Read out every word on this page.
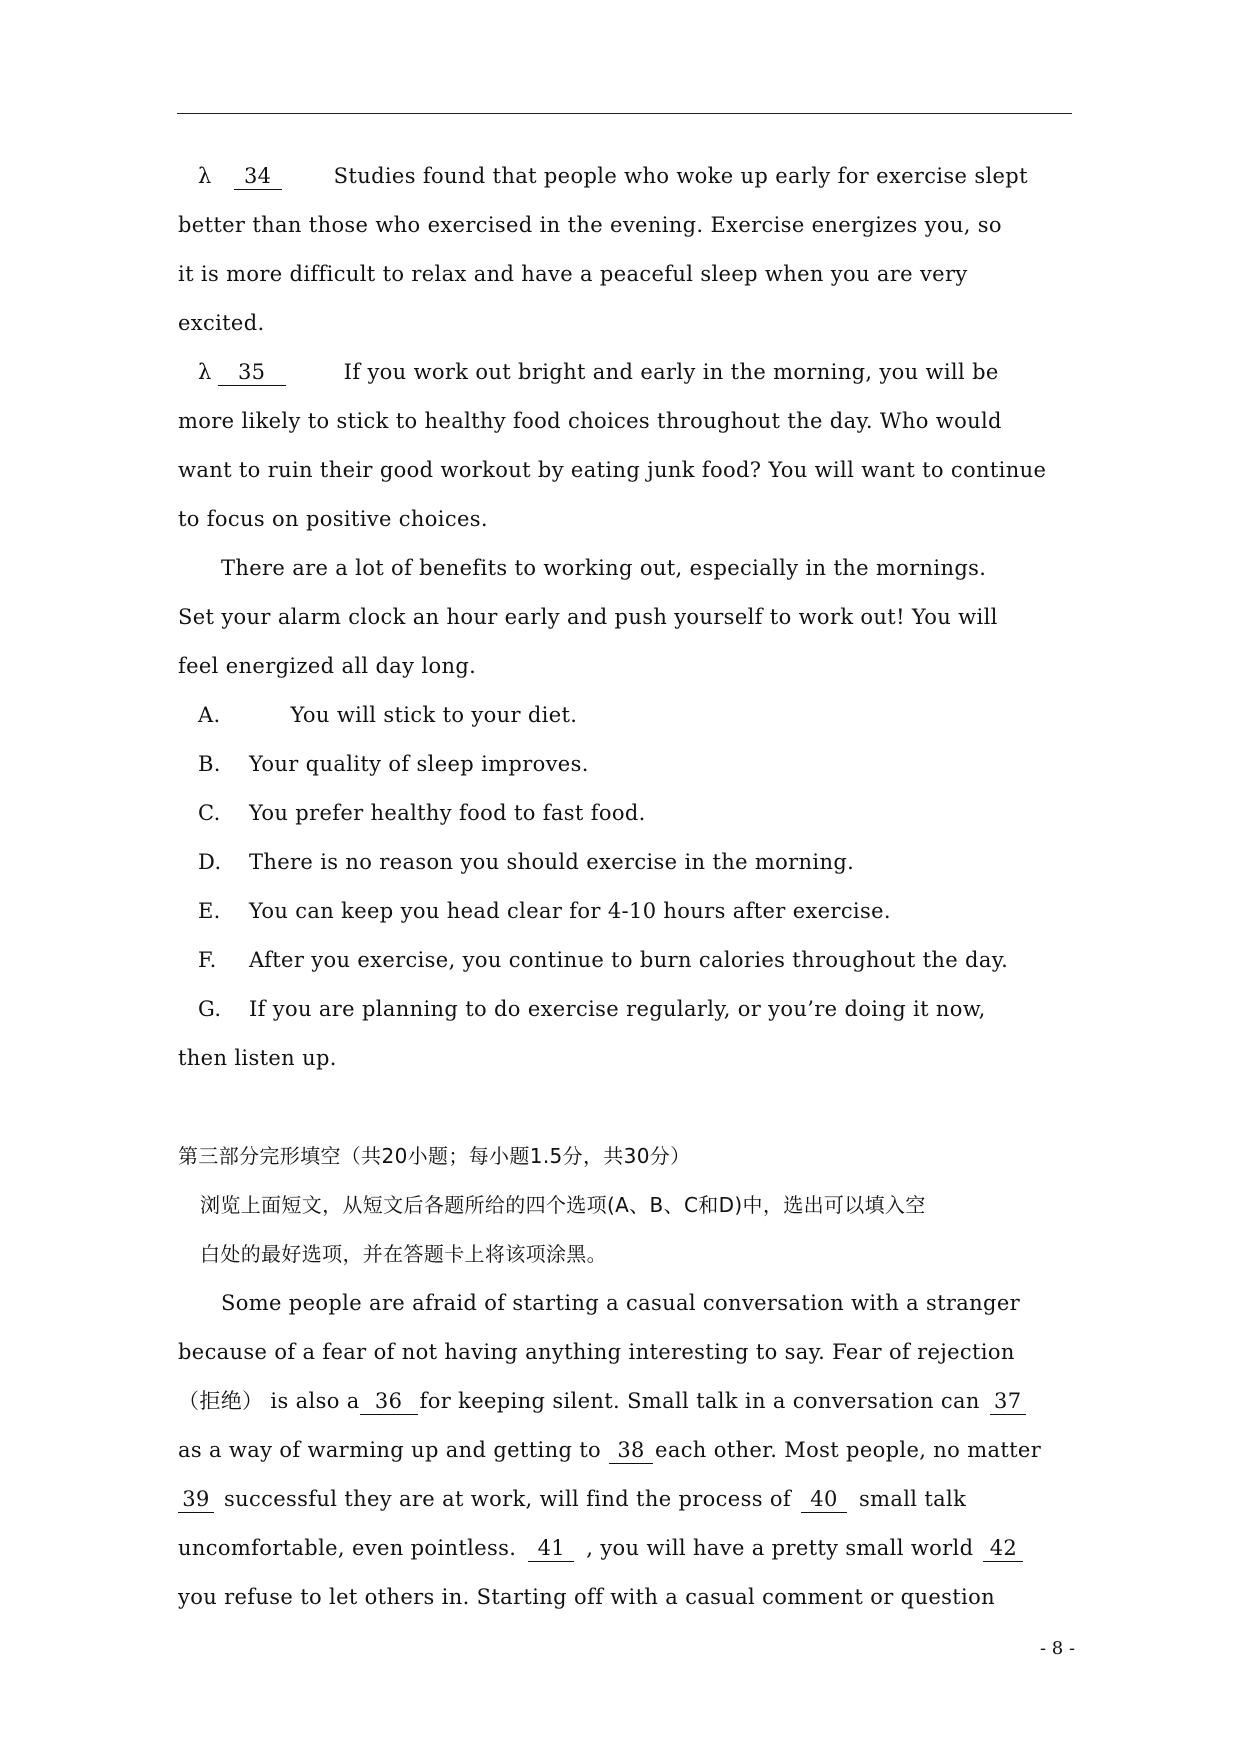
λ 34	Studies found that people who woke up early for exercise slept
better than those who exercised in the evening. Exercise energizes you, so
it is more difficult to relax and have a peaceful sleep when you are very
excited.
λ 35	If you work out bright and early in the morning, you will be
more likely to stick to healthy food choices throughout the day. Who would
want to ruin their good workout by eating junk food? You will want to continue
to focus on positive choices.
There are a lot of benefits to working out, especially in the mornings.
Set your alarm clock an hour early and push yourself to work out! You will
feel energized all day long.
A.	You will stick to your diet.
B. Your quality of sleep improves.
C. You prefer healthy food to fast food.
D. There is no reason you should exercise in the morning.
E. You can keep you head clear for 4-10 hours after exercise.
F. After you exercise, you continue to burn calories throughout the day.
G. If you are planning to do exercise regularly, or you’re doing it now,
then listen up.
第三部分完形填空（共20小题；每小题1.5分，共30分）
浏览上面短文，从短文后各题所给的四个选项(A、B、C和D)中，选出可以填入空
白处的最好选项，并在答题卡上将该项涂黑。
Some people are afraid of starting a casual conversation with a stranger
because of a fear of not having anything interesting to say. Fear of rejection
（拒绝） is also a 36 for keeping silent. Small talk in a conversation can 37
as a way of warming up and getting to 38 each other. Most people, no matter
39 successful they are at work, will find the process of 40 small talk
uncomfortable, even pointless. 41 , you will have a pretty small world 42
you refuse to let others in. Starting off with a casual comment or question
- 8 -
